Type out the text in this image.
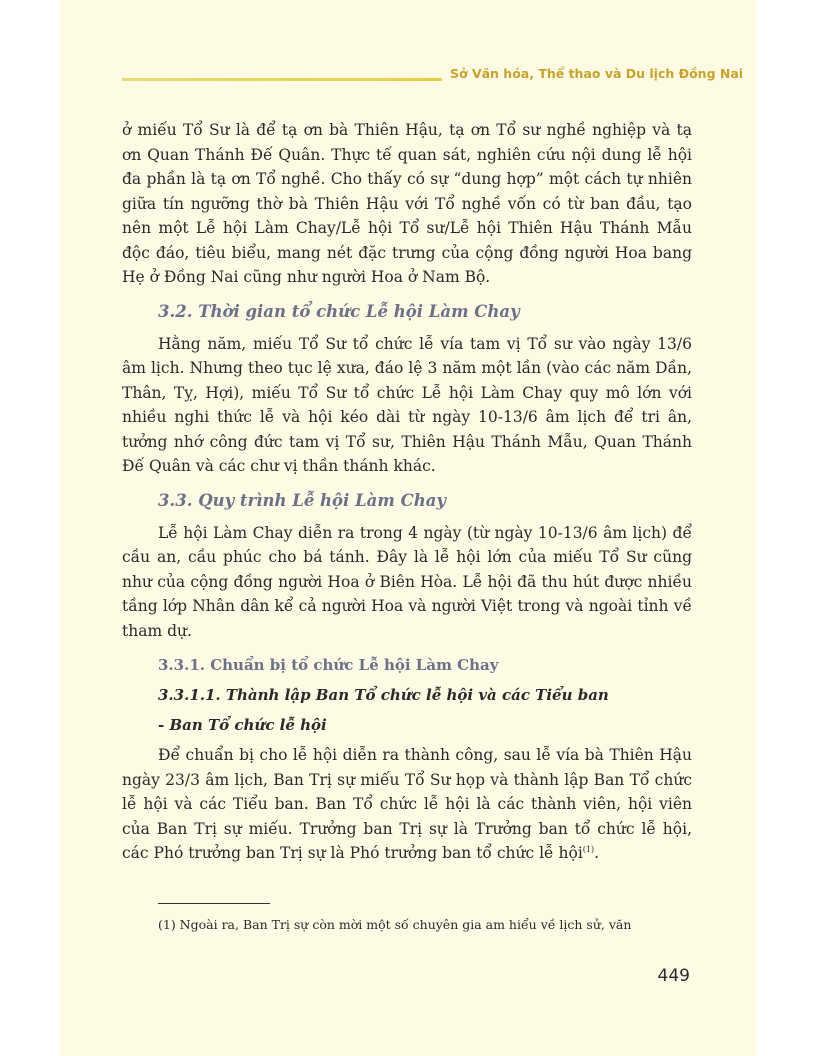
Sở Văn hóa, Thể thao và Du lịch Đồng Nai

ở miếu Tổ Sư là để tạ ơn bà Thiên Hậu, tạ ơn Tổ sư nghề nghiệp và tạ ơn Quan Thánh Đế Quân. Thực tế quan sát, nghiên cứu nội dung lễ hội đa phần là tạ ơn Tổ nghề. Cho thấy có sự “dung hợp” một cách tự nhiên giữa tín ngưỡng thờ bà Thiên Hậu với Tổ nghề vốn có từ ban đầu, tạo nên một Lễ hội Làm Chay/Lễ hội Tổ sư/Lễ hội Thiên Hậu Thánh Mẫu độc đáo, tiêu biểu, mang nét đặc trưng của cộng đồng người Hoa bang Hẹ ở Đồng Nai cũng như người Hoa ở Nam Bộ.

3.2. Thời gian tổ chức Lễ hội Làm Chay

Hằng năm, miếu Tổ Sư tổ chức lễ vía tam vị Tổ sư vào ngày 13/6 âm lịch. Nhưng theo tục lệ xưa, đáo lệ 3 năm một lần (vào các năm Dần, Thân, Tỵ, Hợi), miếu Tổ Sư tổ chức Lễ hội Làm Chay quy mô lớn với nhiều nghi thức lễ và hội kéo dài từ ngày 10-13/6 âm lịch để tri ân, tưởng nhớ công đức tam vị Tổ sư, Thiên Hậu Thánh Mẫu, Quan Thánh Đế Quân và các chư vị thần thánh khác.

3.3. Quy trình Lễ hội Làm Chay

Lễ hội Làm Chay diễn ra trong 4 ngày (từ ngày 10-13/6 âm lịch) để cầu an, cầu phúc cho bá tánh. Đây là lễ hội lớn của miếu Tổ Sư cũng như của cộng đồng người Hoa ở Biên Hòa. Lễ hội đã thu hút được nhiều tầng lớp Nhân dân kể cả người Hoa và người Việt trong và ngoài tỉnh về tham dự.

3.3.1. Chuẩn bị tổ chức Lễ hội Làm Chay
3.3.1.1. Thành lập Ban Tổ chức lễ hội và các Tiểu ban
- Ban Tổ chức lễ hội

Để chuẩn bị cho lễ hội diễn ra thành công, sau lễ vía bà Thiên Hậu ngày 23/3 âm lịch, Ban Trị sự miếu Tổ Sư họp và thành lập Ban Tổ chức lễ hội và các Tiểu ban. Ban Tổ chức lễ hội là các thành viên, hội viên của Ban Trị sự miếu. Trưởng ban Trị sự là Trưởng ban tổ chức lễ hội, các Phó trưởng ban Trị sự là Phó trưởng ban tổ chức lễ hội$^{(1)}$.

(1) Ngoài ra, Ban Trị sự còn mời một số chuyên gia am hiểu về lịch sử, văn
449
